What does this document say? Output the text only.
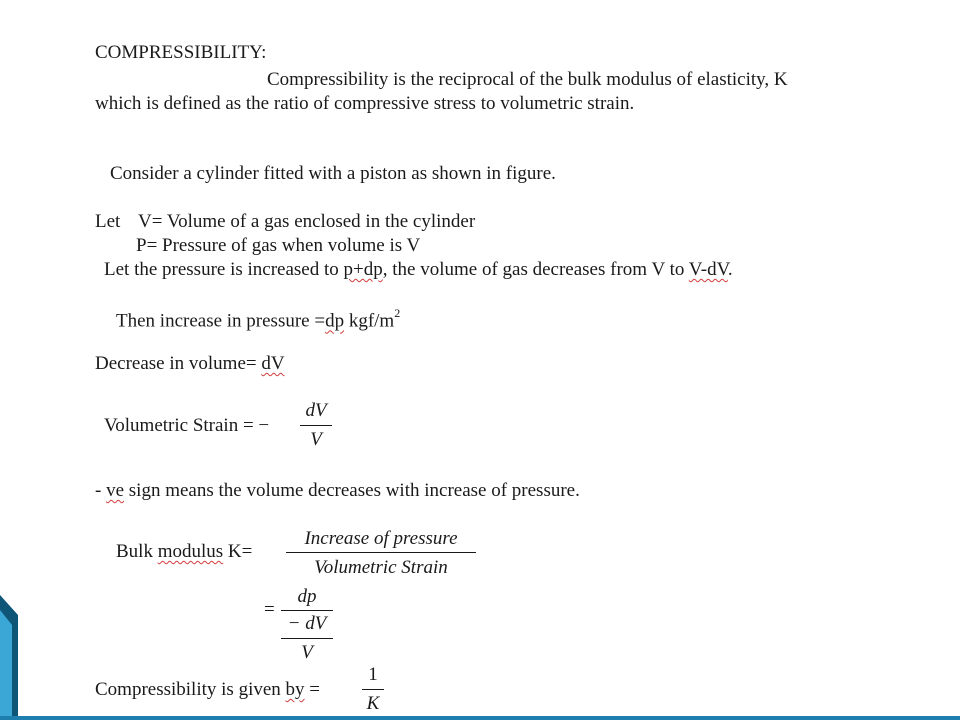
COMPRESSIBILITY:
Compressibility is the reciprocal of the bulk modulus of elasticity, K
which is defined as the ratio of compressive stress to volumetric strain.
Consider a cylinder fitted with a piston as shown in figure.
Let V= Volume of a gas enclosed in the cylinder
P= Pressure of gas when volume is V
Let the pressure is increased to p+dp, the volume of gas decreases from V to V-dV.
Then increase in pressure =dp kgf/$m^2$
Decrease in volume= dV
Volumetric Strain = −
dV
V
- ve sign means the volume decreases with increase of pressure.
Bulk modulus K=
Increase of pressure
Volumetric Strain
=
dp
− dV
V
Compressibility is given by =
1
K
